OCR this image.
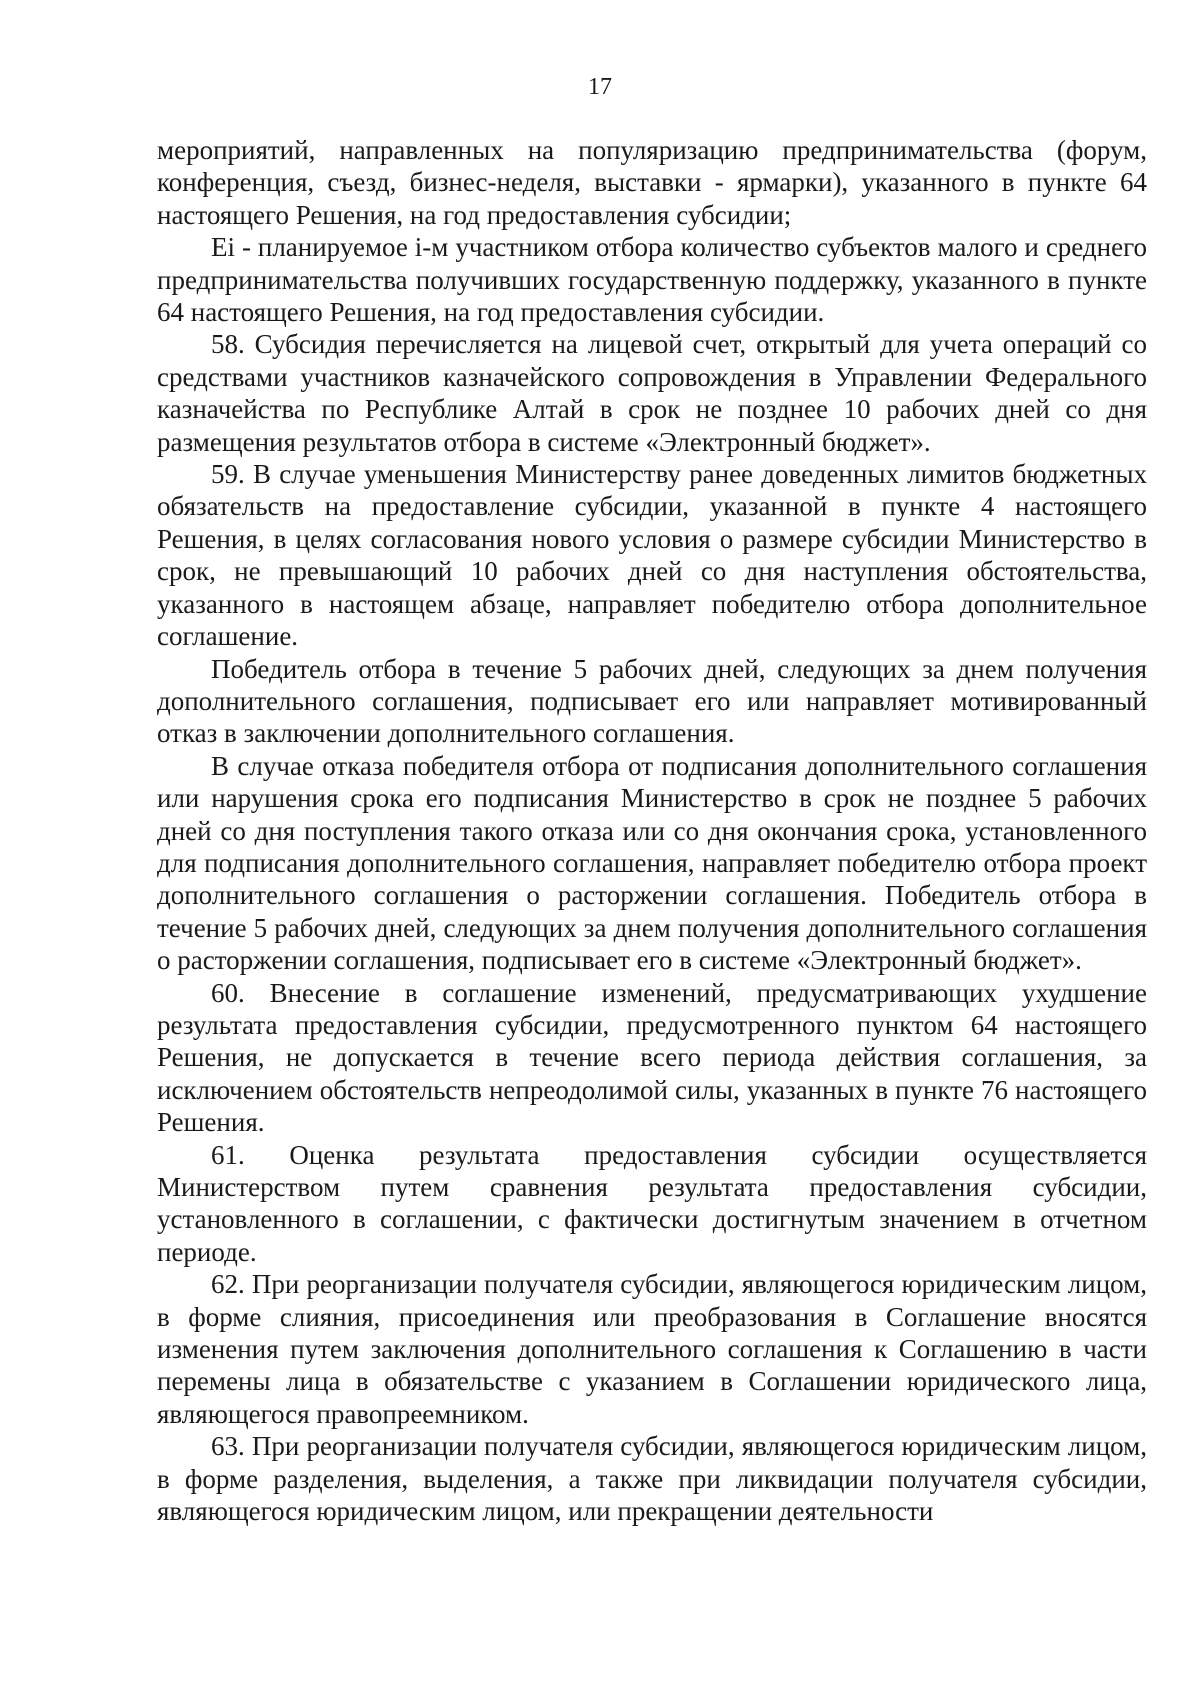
17

мероприятий, направленных на популяризацию предпринимательства (форум, конференция, съезд, бизнес-неделя, выставки - ярмарки), указанного в пункте 64 настоящего Решения, на год предоставления субсидии;

Ei - планируемое i-м участником отбора количество субъектов малого и среднего предпринимательства получивших государственную поддержку, указанного в пункте 64 настоящего Решения, на год предоставления субсидии.

58. Субсидия перечисляется на лицевой счет, открытый для учета операций со средствами участников казначейского сопровождения в Управлении Федерального казначейства по Республике Алтай в срок не позднее 10 рабочих дней со дня размещения результатов отбора в системе «Электронный бюджет».

59. В случае уменьшения Министерству ранее доведенных лимитов бюджетных обязательств на предоставление субсидии, указанной в пункте 4 настоящего Решения, в целях согласования нового условия о размере субсидии Министерство в срок, не превышающий 10 рабочих дней со дня наступления обстоятельства, указанного в настоящем абзаце, направляет победителю отбора дополнительное соглашение.

Победитель отбора в течение 5 рабочих дней, следующих за днем получения дополнительного соглашения, подписывает его или направляет мотивированный отказ в заключении дополнительного соглашения.

В случае отказа победителя отбора от подписания дополнительного соглашения или нарушения срока его подписания Министерство в срок не позднее 5 рабочих дней со дня поступления такого отказа или со дня окончания срока, установленного для подписания дополнительного соглашения, направляет победителю отбора проект дополнительного соглашения о расторжении соглашения. Победитель отбора в течение 5 рабочих дней, следующих за днем получения дополнительного соглашения о расторжении соглашения, подписывает его в системе «Электронный бюджет».

60. Внесение в соглашение изменений, предусматривающих ухудшение результата предоставления субсидии, предусмотренного пунктом 64 настоящего Решения, не допускается в течение всего периода действия соглашения, за исключением обстоятельств непреодолимой силы, указанных в пункте 76 настоящего Решения.

61. Оценка результата предоставления субсидии осуществляется Министерством путем сравнения результата предоставления субсидии, установленного в соглашении, с фактически достигнутым значением в отчетном периоде.

62. При реорганизации получателя субсидии, являющегося юридическим лицом, в форме слияния, присоединения или преобразования в Соглашение вносятся изменения путем заключения дополнительного соглашения к Соглашению в части перемены лица в обязательстве с указанием в Соглашении юридического лица, являющегося правопреемником.

63. При реорганизации получателя субсидии, являющегося юридическим лицом, в форме разделения, выделения, а также при ликвидации получателя субсидии, являющегося юридическим лицом, или прекращении деятельности
